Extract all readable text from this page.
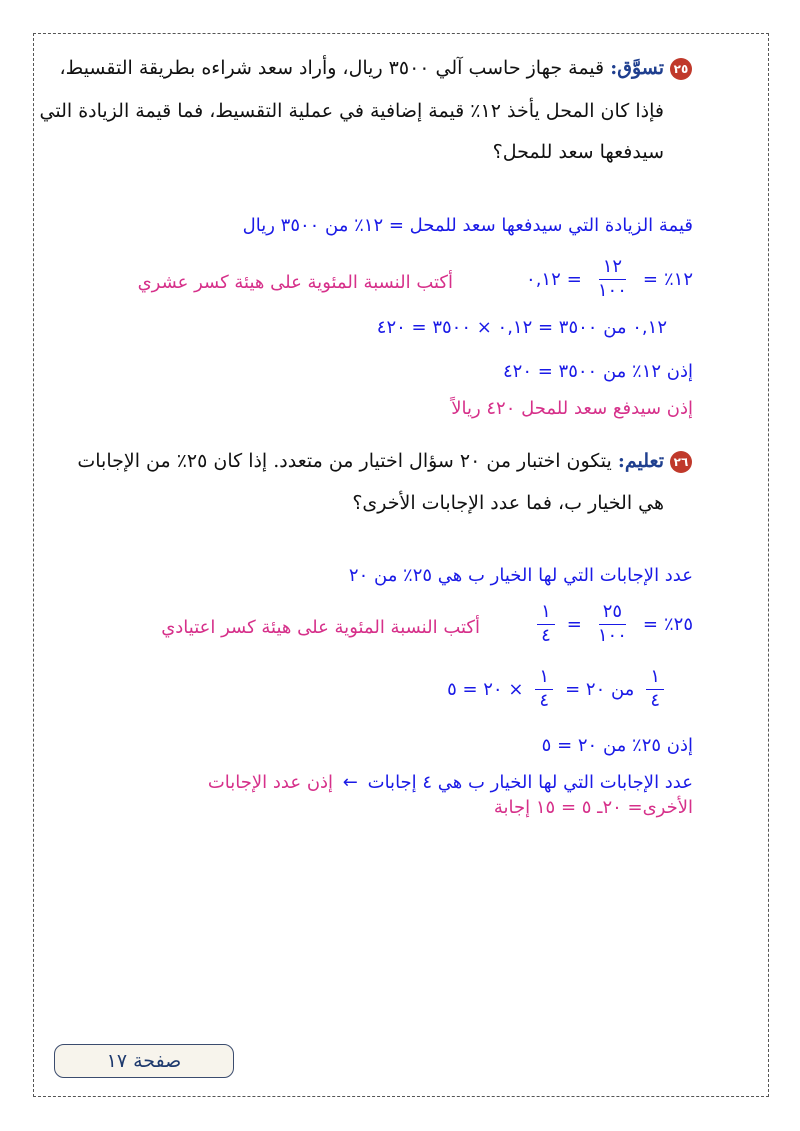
٢٥تسوَّق: قيمة جهاز حاسب آلي ٣٥٠٠ ريال، وأراد سعد شراءه بطريقة التقسيط،
فإذا كان المحل يأخذ ١٢٪ قيمة إضافية في عملية التقسيط، فما قيمة الزيادة التي
سيدفعها سعد للمحل؟
قيمة الزيادة التي سيدفعها سعد للمحل = ١٢٪ من ٣٥٠٠ ريال
١٢٪
=
$\frac{١٢}{١٠٠}$
=
٠,١٢
أكتب النسبة المئوية على هيئة كسر عشري
٠,١٢ من ٣٥٠٠ = ٠,١٢ × ٣٥٠٠ = ٤٢٠
إذن ١٢٪ من ٣٥٠٠ = ٤٢٠
إذن سيدفع سعد للمحل ٤٢٠ ريالاً
٢٦تعليم: يتكون اختبار من ٢٠ سؤال اختيار من متعدد. إذا كان ٢٥٪ من الإجابات
هي الخيار ب، فما عدد الإجابات الأخرى؟
عدد الإجابات التي لها الخيار ب هي ٢٥٪ من ٢٠
٢٥٪
=
$\frac{٢٥}{١٠٠}$
=
$\frac{١}{٤}$
أكتب النسبة المئوية على هيئة كسر اعتيادي
$\frac{١}{٤}$
من ٢٠ =
$\frac{١}{٤}$
× ٢٠ = ٥
إذن ٢٥٪ من ٢٠ = ٥
عدد الإجابات التي لها الخيار ب هي ٤ إجابات ← إذن عدد الإجابات
الأخرى= ٢٠ـ ٥ = ١٥ إجابة
صفحة ١٧
